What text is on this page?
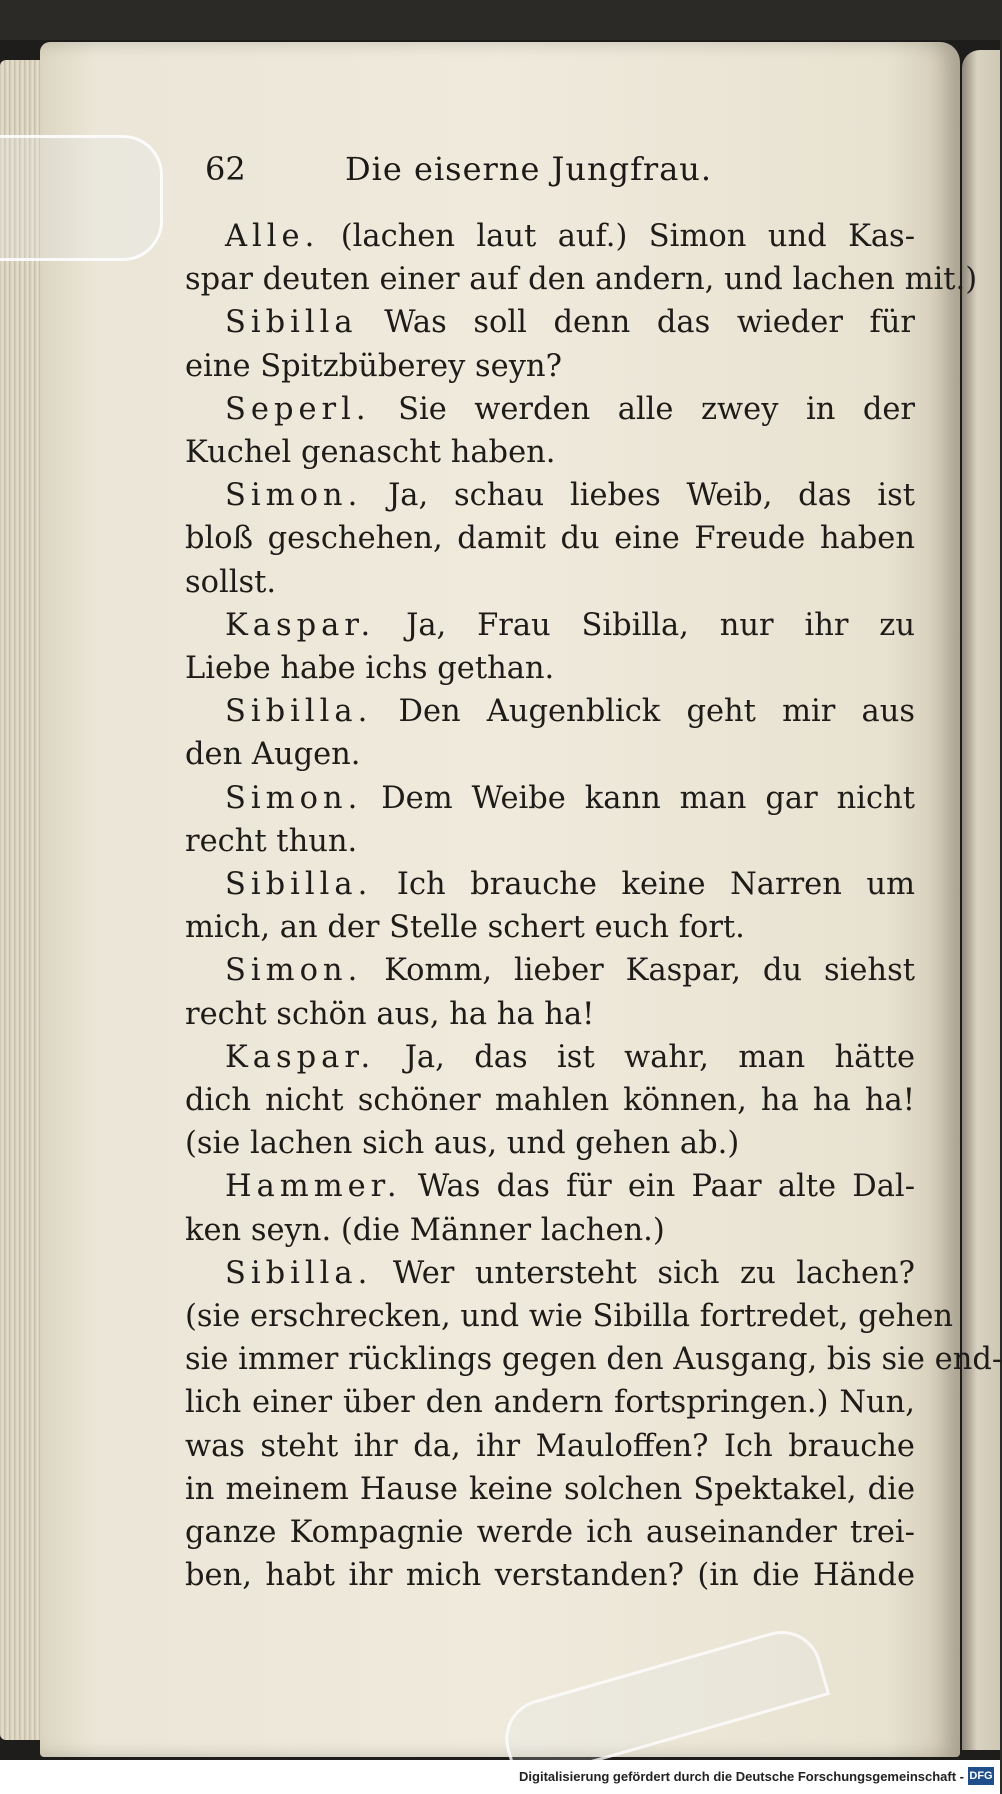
62	Die eiserne Jungfrau.
Alle. (lachen laut auf.) Simon und Kas-
spar deuten einer auf den andern, und lachen mit.)
Sibilla Was soll denn das wieder für
eine Spitzbüberey seyn?
Seperl. Sie werden alle zwey in der
Kuchel genascht haben.
Simon. Ja, schau liebes Weib, das ist
bloß geschehen, damit du eine Freude haben
sollst.
Kaspar. Ja, Frau Sibilla, nur ihr zu
Liebe habe ichs gethan.
Sibilla. Den Augenblick geht mir aus
den Augen.
Simon. Dem Weibe kann man gar nicht
recht thun.
Sibilla. Ich brauche keine Narren um
mich, an der Stelle schert euch fort.
Simon. Komm, lieber Kaspar, du siehst
recht schön aus, ha ha ha!
Kaspar. Ja, das ist wahr, man hätte
dich nicht schöner mahlen können, ha ha ha!
(sie lachen sich aus, und gehen ab.)
Hammer. Was das für ein Paar alte Dal-
ken seyn. (die Männer lachen.)
Sibilla. Wer untersteht sich zu lachen?
(sie erschrecken, und wie Sibilla fortredet, gehen
sie immer rücklings gegen den Ausgang, bis sie end-
lich einer über den andern fortspringen.) Nun,
was steht ihr da, ihr Mauloffen? Ich brauche
in meinem Hause keine solchen Spektakel, die
ganze Kompagnie werde ich auseinander trei-
ben, habt ihr mich verstanden? (in die Hände
Digitalisierung gefördert durch die Deutsche Forschungsgemeinschaft - DFG
